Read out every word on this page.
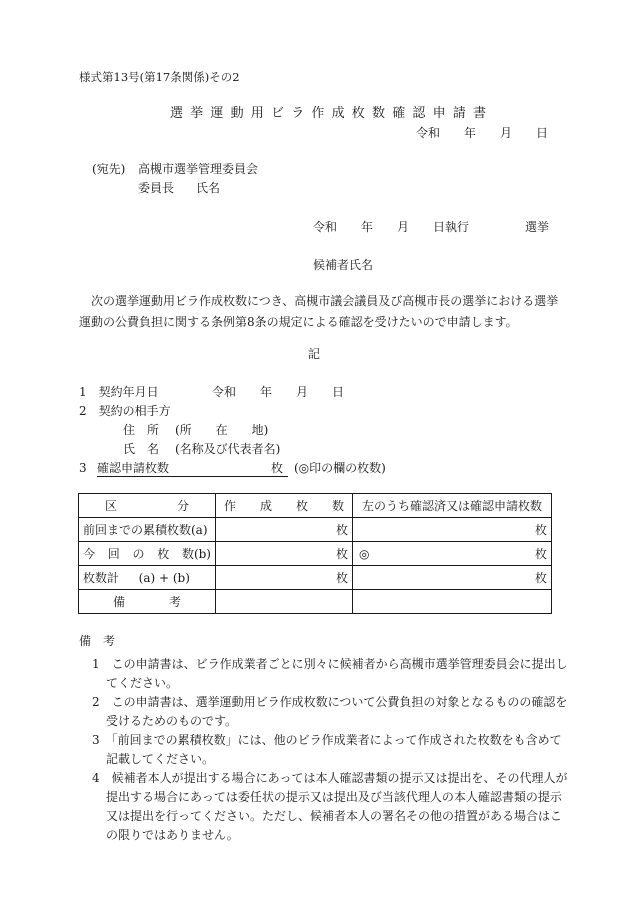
様式第13号(第17条関係)その2
選挙運動用ビラ作成枚数確認申請書
令和　　年　　月　　日
(宛先) 高槻市選挙管理委員会
委員長 氏名
令和　　年　　月　　日執行	選挙
候補者氏名
次の選挙運動用ビラ作成枚数につき、高槻市議会議員及び高槻市長の選挙における選挙運動の公費負担に関する条例第8条の規定による確認を受けたいので申請します。
記
1　契約年月日	令和　　年　　月　　日
2　契約の相手方
住　所 (所　　在　　地)
氏　名 (名称及び代表者名)
3 確認申請枚数	枚 (◎印の欄の枚数)
区 分	作 成 枚 数	左のうち確認済又は確認申請枚数
前回までの累積枚数(a)	枚	枚

今 回 の 枚 数(b)	枚	◎ 枚

枚数計 (a) + (b)	枚	枚

備 考		

備　考
1　この申請書は、ビラ作成業者ごとに別々に候補者から高槻市選挙管理委員会に提出してください。
2　この申請書は、選挙運動用ビラ作成枚数について公費負担の対象となるものの確認を受けるためのものです。
3　「前回までの累積枚数」には、他のビラ作成業者によって作成された枚数をも含めて記載してください。
4　候補者本人が提出する場合にあっては本人確認書類の提示又は提出を、その代理人が提出する場合にあっては委任状の提示又は提出及び当該代理人の本人確認書類の提示又は提出を行ってください。ただし、候補者本人の署名その他の措置がある場合はこの限りではありません。
